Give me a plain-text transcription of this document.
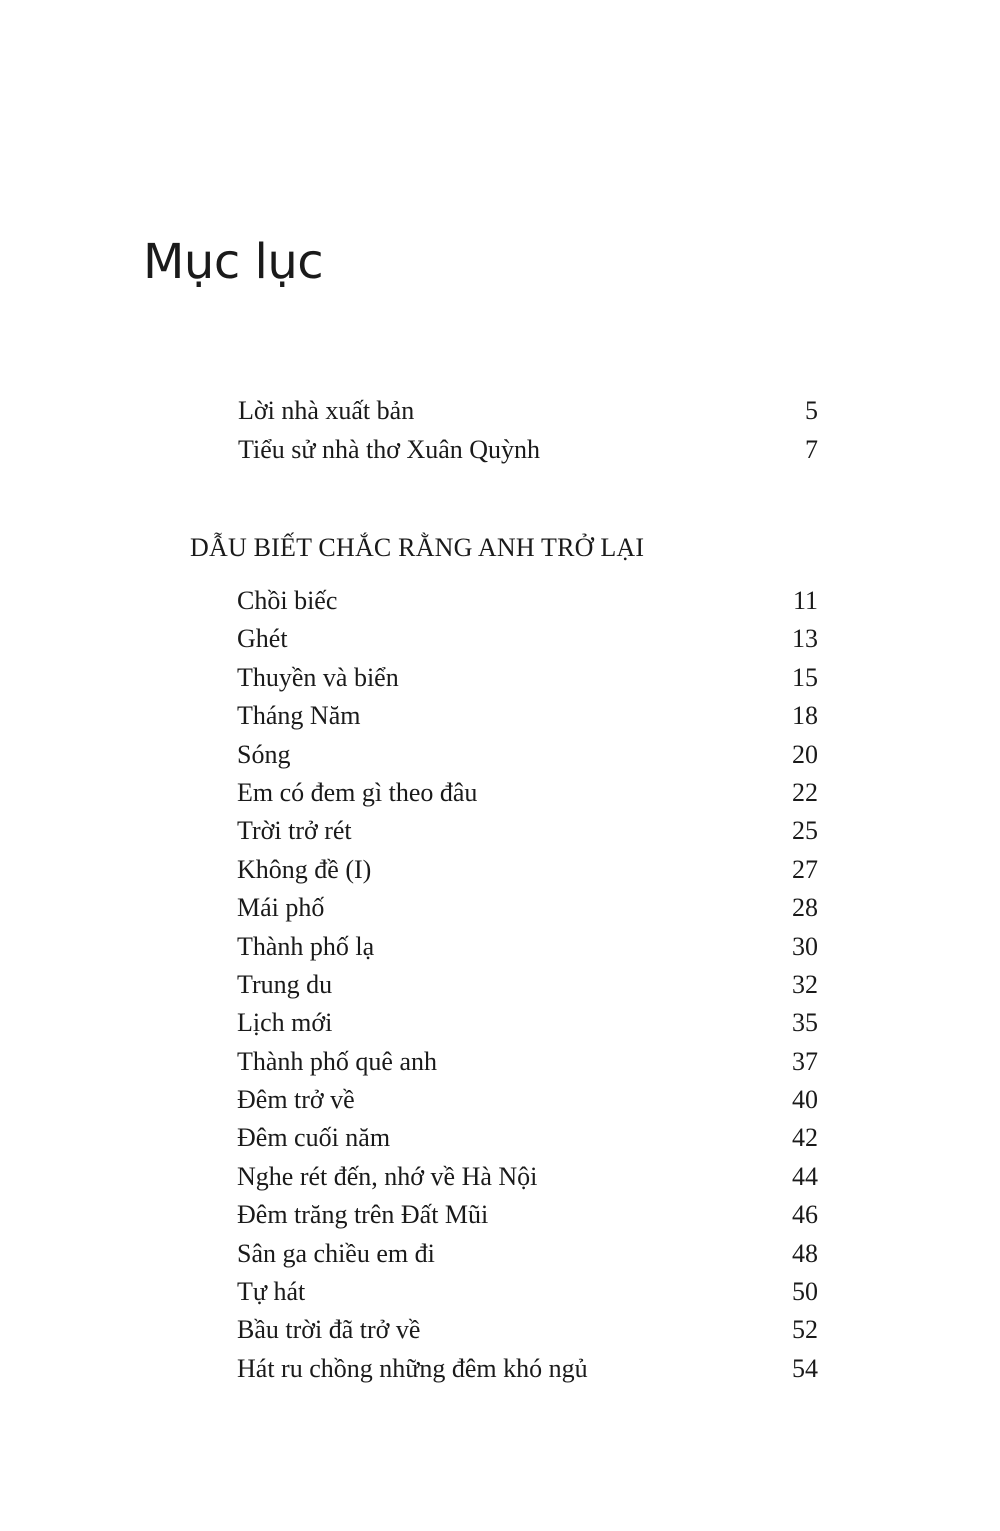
Mục lục
Lời nhà xuất bản	5
Tiểu sử nhà thơ Xuân Quỳnh	7
DẪU BIẾT CHẮC RẰNG ANH TRỞ LẠI
Chồi biếc	11
Ghét	13
Thuyền và biển	15
Tháng Năm	18
Sóng	20
Em có đem gì theo đâu	22
Trời trở rét	25
Không đề (I)	27
Mái phố	28
Thành phố lạ	30
Trung du	32
Lịch mới	35
Thành phố quê anh	37
Đêm trở về	40
Đêm cuối năm	42
Nghe rét đến, nhớ về Hà Nội	44
Đêm trăng trên Đất Mũi	46
Sân ga chiều em đi	48
Tự hát	50
Bầu trời đã trở về	52
Hát ru chồng những đêm khó ngủ	54
